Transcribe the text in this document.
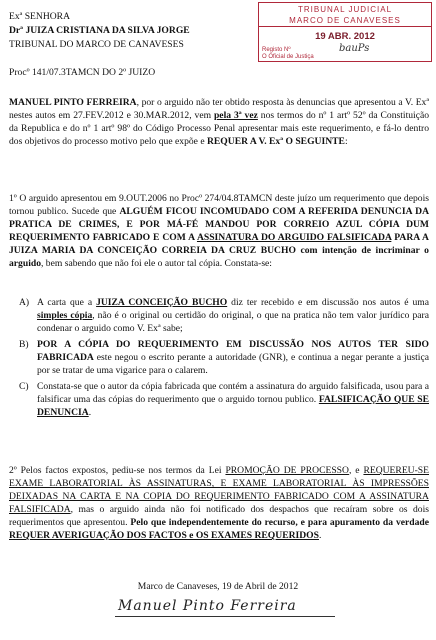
Exª SENHORA
Drª JUIZA CRISTIANA DA SILVA JORGE
TRIBUNAL DO MARCO DE CANAVESES
Procº 141/07.3TAMCN DO 2º JUIZO
TRIBUNAL JUDICIAL
MARCO DE CANAVESES
19 ABR. 2012
Registo Nº
O Oficial de Justiça
bauPs
MANUEL PINTO FERREIRA, por o arguido não ter obtido resposta às denuncias que apresentou a V. Exª nestes autos em 27.FEV.2012 e 30.MAR.2012, vem pela 3ª vez nos termos do nº 1 artº 52º da Constituição da Republica e do nº 1 artº 98º do Código Processo Penal apresentar mais este requerimento, e fá-lo dentro dos objetivos do processo motivo pelo que expõe e REQUER A V. Exª O SEGUINTE:
1º O arguido apresentou em 9.OUT.2006 no Procº 274/04.8TAMCN deste juízo um requerimento que depois tornou publico. Sucede que ALGUÉM FICOU INCOMUDADO COM A REFERIDA DENUNCIA DA PRATICA DE CRIMES, E POR MÁ-FÉ MANDOU POR CORREIO AZUL CÓPIA DUM REQUERIMENTO FABRICADO E COM A ASSINATURA DO ARGUIDO FALSIFICADA PARA A JUIZA MARIA DA CONCEIÇÃO CORREIA DA CRUZ BUCHO com intenção de incriminar o arguido, bem sabendo que não foi ele o autor tal cópia. Constata-se:
A) A carta que a JUIZA CONCEIÇÃO BUCHO diz ter recebido e em discussão nos autos é uma simples cópia, não é o original ou certidão do original, o que na pratica não tem valor jurídico para condenar o arguido como V. Exª sabe;
B) POR A CÓPIA DO REQUERIMENTO EM DISCUSSÃO NOS AUTOS TER SIDO FABRICADA este negou o escrito perante a autoridade (GNR), e continua a negar perante a justiça por se tratar de uma vigarice para o calarem.
C) Constata-se que o autor da cópia fabricada que contém a assinatura do arguido falsificada, usou para a falsificar uma das cópias do requerimento que o arguido tornou publico. FALSIFICAÇÃO QUE SE DENUNCIA.
2º Pelos factos expostos, pediu-se nos termos da Lei PROMOÇÃO DE PROCESSO, e REQUEREU-SE EXAME LABORATORIAL ÀS ASSINATURAS, E EXAME LABORATORIAL ÀS IMPRESSÕES DEIXADAS NA CARTA E NA COPIA DO REQUERIMENTO FABRICADO COM A ASSINATURA FALSIFICADA, mas o arguido ainda não foi notificado dos despachos que recaíram sobre os dois requerimentos que apresentou. Pelo que independentemente do recurso, e para apuramento da verdade REQUER AVERIGUAÇÃO DOS FACTOS e OS EXAMES REQUERIDOS.
Marco de Canaveses, 19 de Abril de 2012
Manuel Pinto Ferreira
